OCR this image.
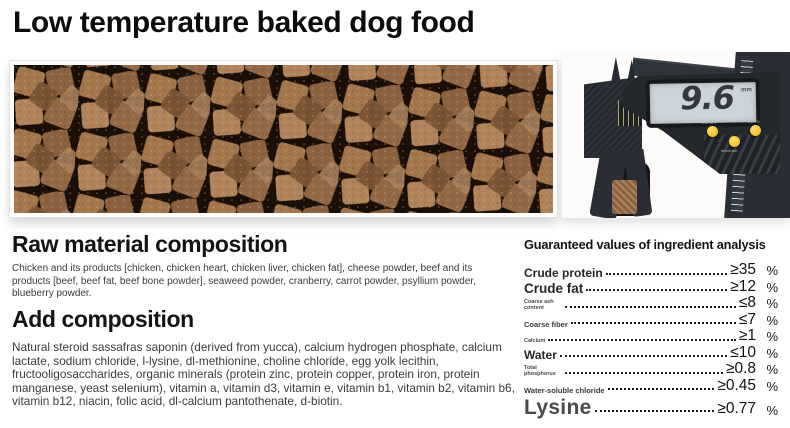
Low temperature baked dog food
9.6 mm
ON/OFF
mm/inch
ZERO
Raw material composition

Chicken and its products [chicken, chicken heart, chicken liver, chicken fat], cheese powder, beef and its products [beef, beef fat, beef bone powder], seaweed powder, cranberry, carrot powder, psyllium powder, blueberry powder.

Add composition

Natural steroid sassafras saponin (derived from yucca), calcium hydrogen phosphate, calcium lactate, sodium chloride, l-lysine, dl-methionine, choline chloride, egg yolk lecithin, fructooligosaccharides, organic minerals (protein zinc, protein copper, protein iron, protein manganese, yeast selenium), vitamin a, vitamin d3, vitamin e, vitamin b1, vitamin b2, vitamin b6, vitamin b12, niacin, folic acid, dl-calcium pantothenate, d-biotin.

Guaranteed values of ingredient analysis
Crude protein	≥35 %
Crude fat	≥12 %
Coarse ash content	≤8 %
Coarse fiber	≤7 %
Calcium	≥1 %
Water	≤10 %
Total phosphorus	≥0.8 %
Water-soluble chloride	≥0.45 %
Lysine	≥0.77 %
